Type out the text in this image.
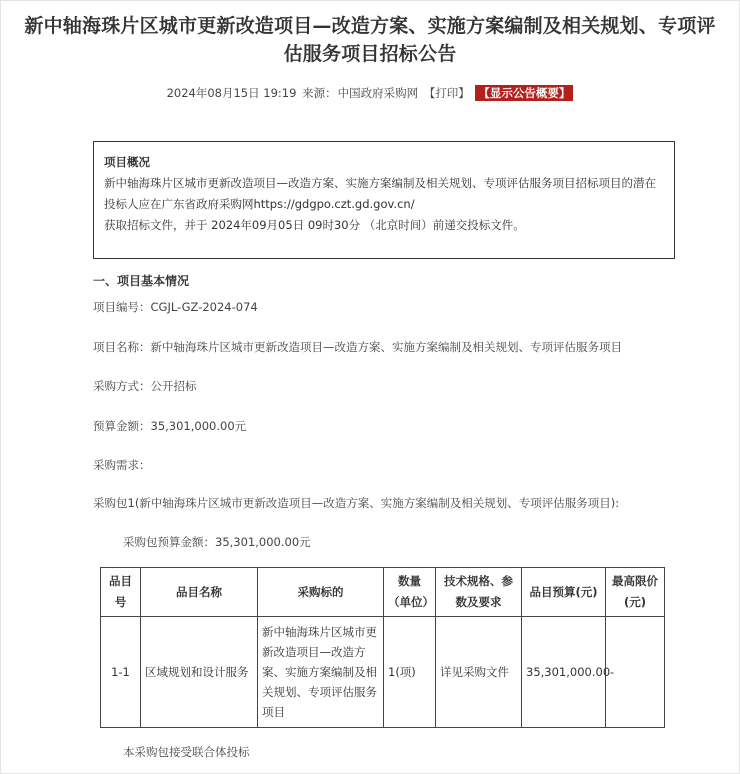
新中轴海珠片区城市更新改造项目—改造方案、实施方案编制及相关规划、专项评估服务项目招标公告
2024年08月15日 19:19 来源：中国政府采购网 【打印】 【显示公告概要】
项目概况
新中轴海珠片区城市更新改造项目—改造方案、实施方案编制及相关规划、专项评估服务项目招标项目的潜在投标人应在广东省政府采购网https://gdgpo.czt.gd.gov.cn/
获取招标文件，并于 2024年09月05日 09时30分 （北京时间）前递交投标文件。
一、项目基本情况
项目编号：CGJL-GZ-2024-074
项目名称：新中轴海珠片区城市更新改造项目—改造方案、实施方案编制及相关规划、专项评估服务项目
采购方式：公开招标
预算金额：35,301,000.00元
采购需求：
采购包1(新中轴海珠片区城市更新改造项目—改造方案、实施方案编制及相关规划、专项评估服务项目):
采购包预算金额：35,301,000.00元
品目号	品目名称	采购标的	数量（单位）	技术规格、参数及要求	品目预算(元)	最高限价(元)
1-1	区域规划和设计服务	新中轴海珠片区城市更新改造项目—改造方案、实施方案编制及相关规划、专项评估服务项目	1(项)	详见采购文件	35,301,000.00	-
本采购包接受联合体投标
